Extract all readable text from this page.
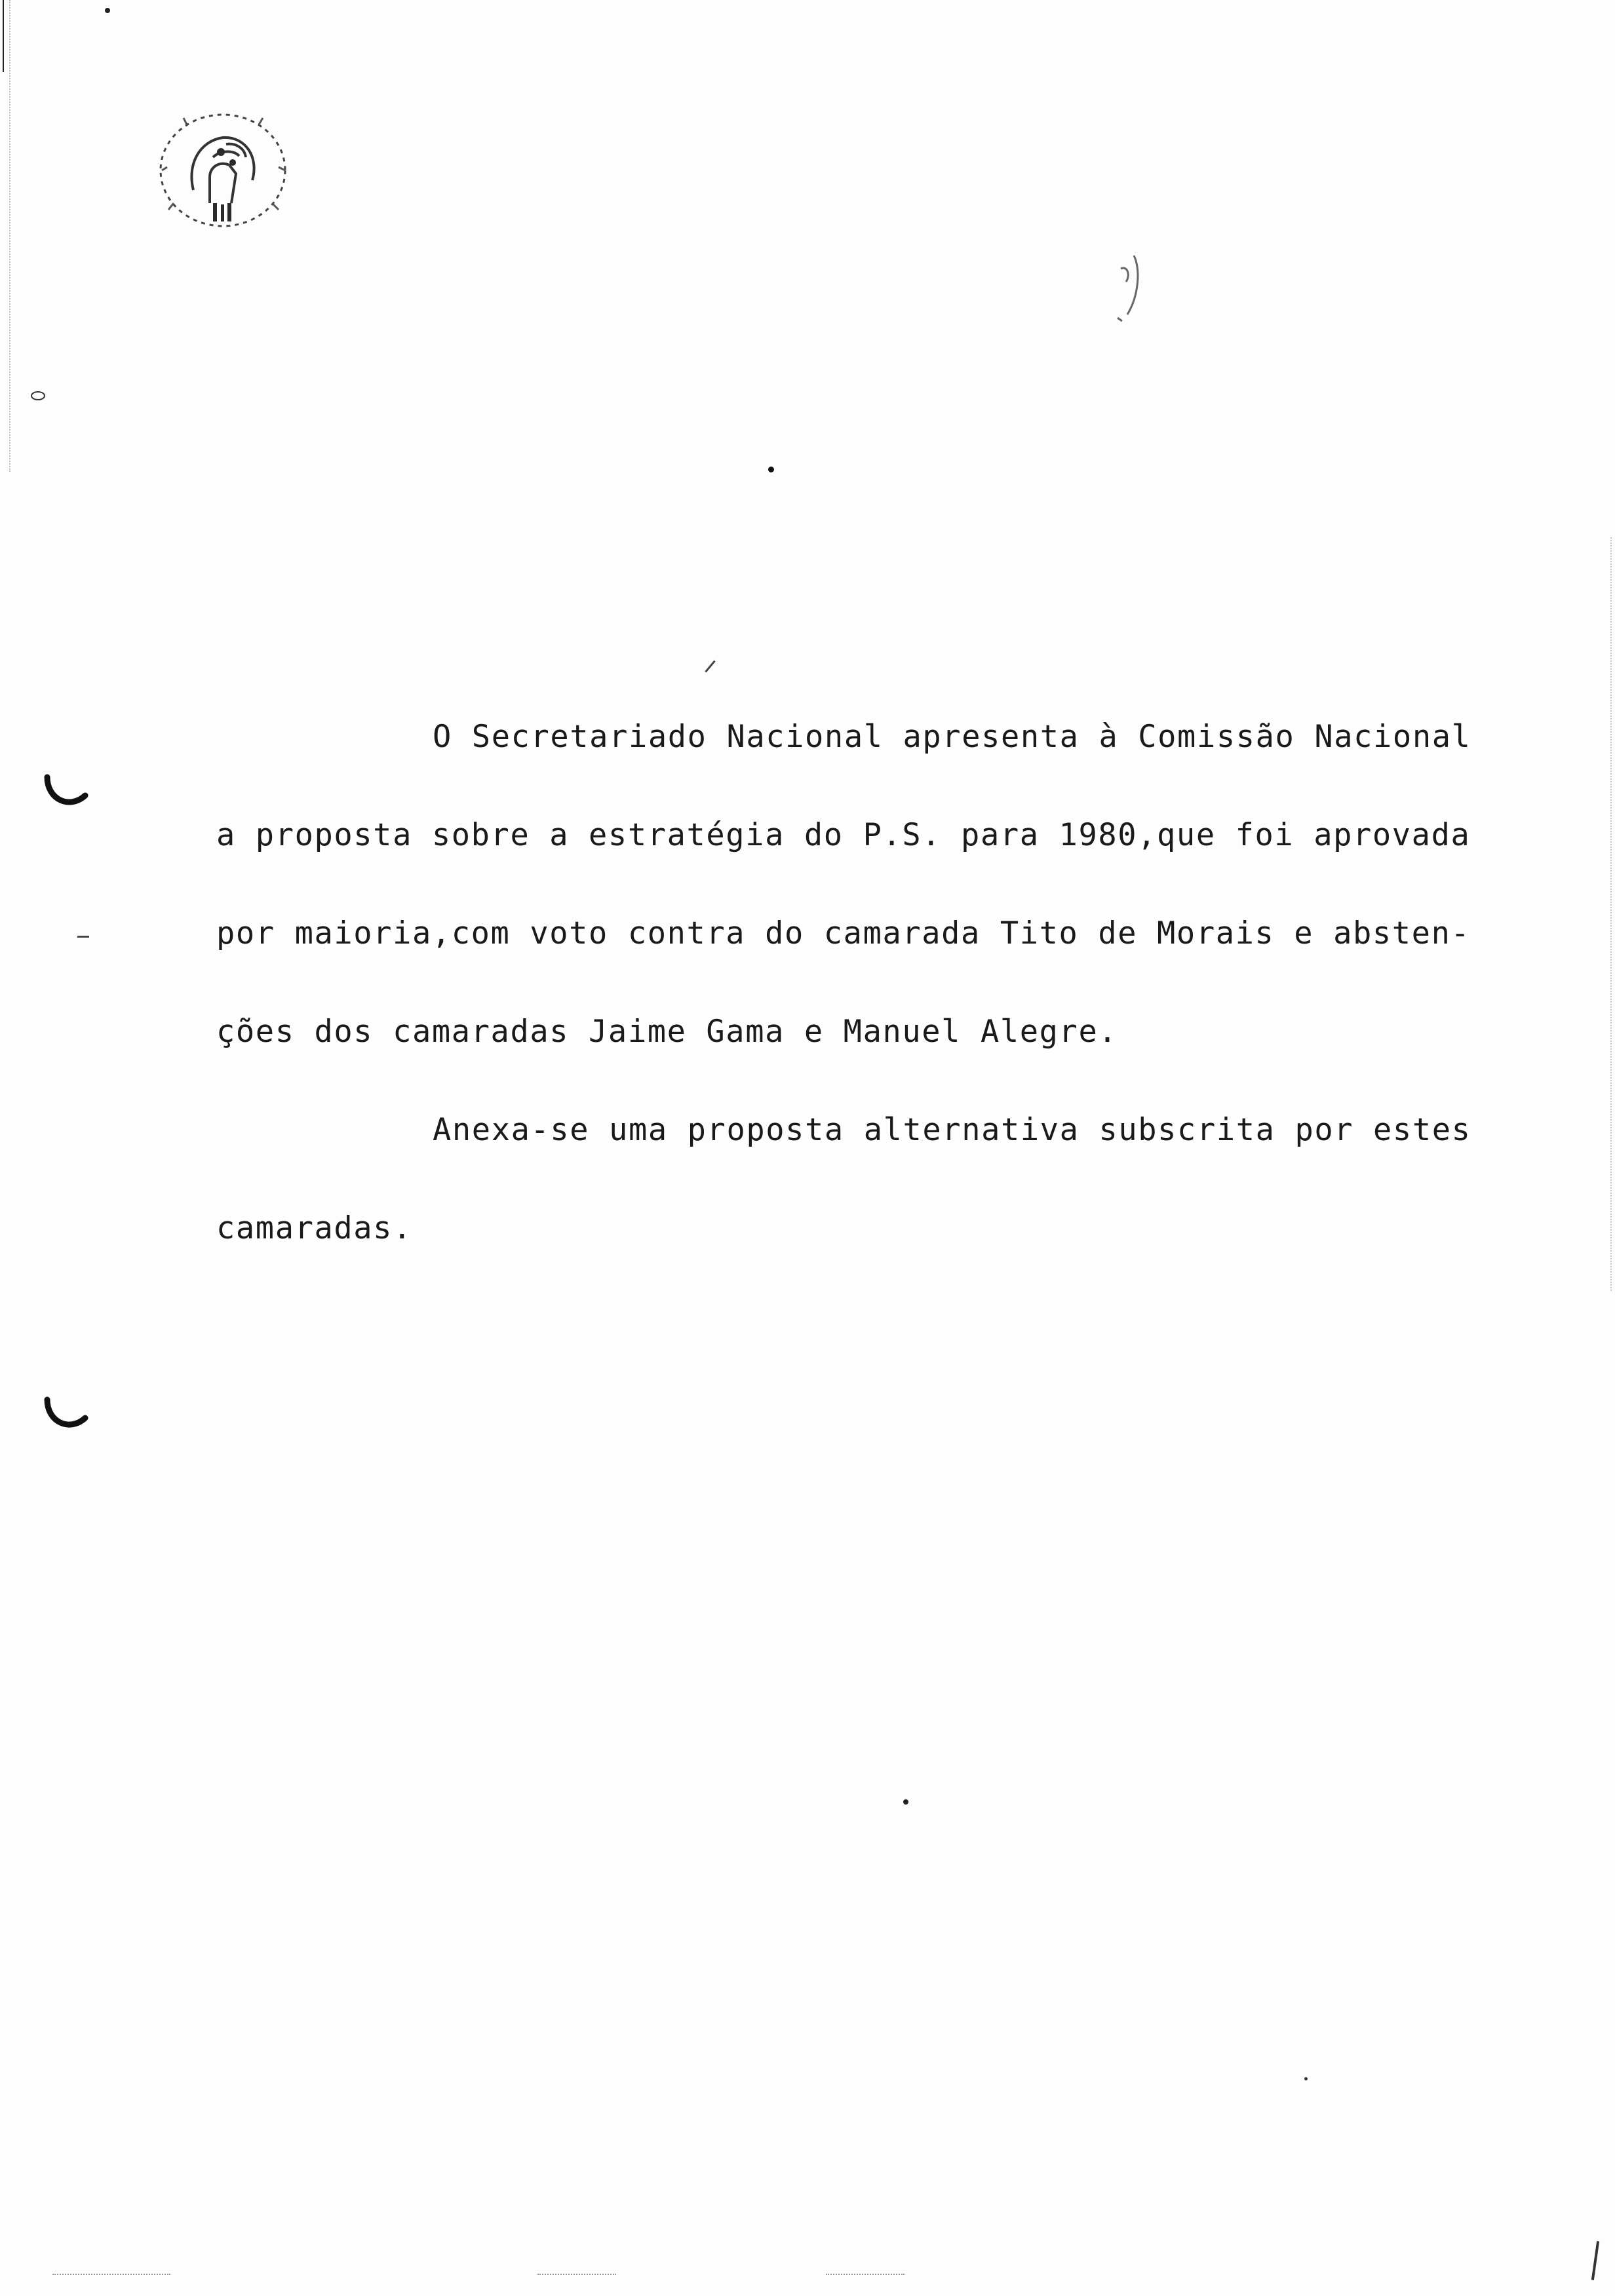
O Secretariado Nacional apresenta à Comissão Nacional
a proposta sobre a estratégia do P.S. para 1980,que foi aprovada
por maioria,com voto contra do camarada Tito de Morais e absten-
ções dos camaradas Jaime Gama e Manuel Alegre.
Anexa-se uma proposta alternativa subscrita por estes
camaradas.
